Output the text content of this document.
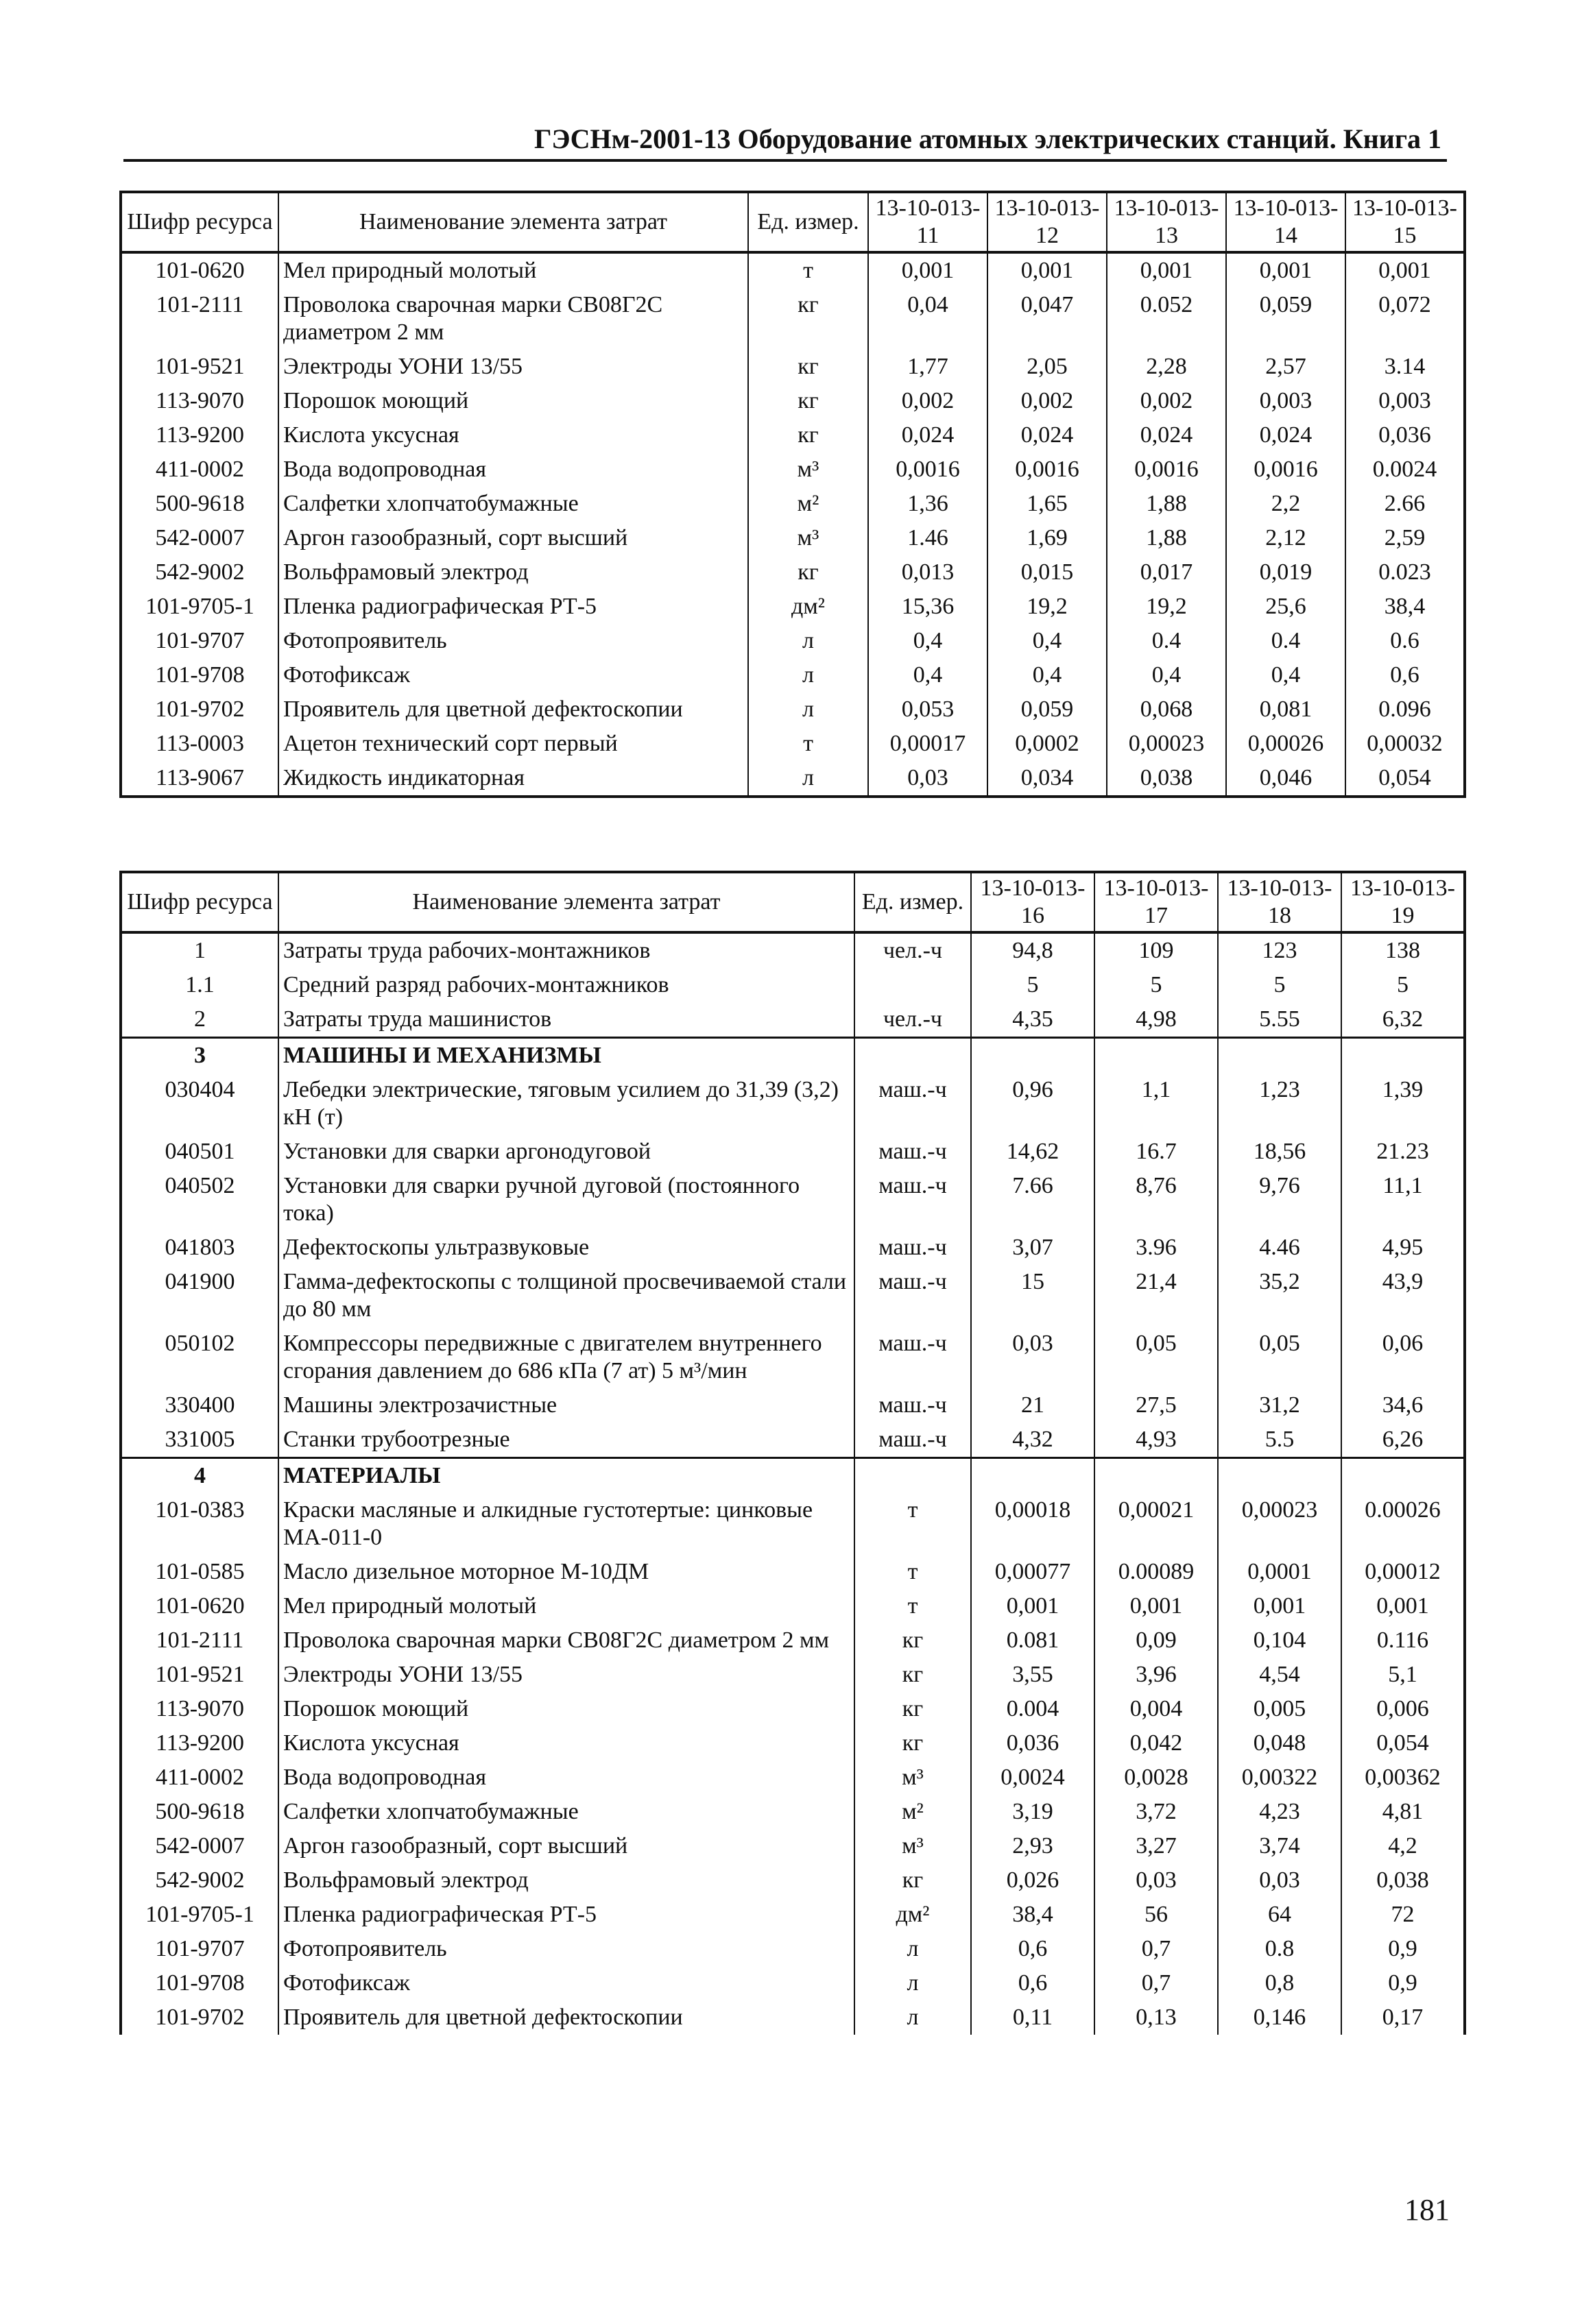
ГЭСНм-2001-13 Оборудование атомных электрических станций. Книга 1
Шифр ресурса	Наименование элемента затрат	Ед. измер.	13-10-013-11	13-10-013-12	13-10-013-13	13-10-013-14	13-10-013-15
101-0620	Мел природный молотый	т	0,001	0,001	0,001	0,001	0,001
101-2111	Проволока сварочная марки СВ08Г2С диаметром 2 мм	кг	0,04	0,047	0.052	0,059	0,072
101-9521	Электроды УОНИ 13/55	кг	1,77	2,05	2,28	2,57	3.14
113-9070	Порошок моющий	кг	0,002	0,002	0,002	0,003	0,003
113-9200	Кислота уксусная	кг	0,024	0,024	0,024	0,024	0,036
411-0002	Вода водопроводная	м³	0,0016	0,0016	0,0016	0,0016	0.0024
500-9618	Салфетки хлопчатобумажные	м²	1,36	1,65	1,88	2,2	2.66
542-0007	Аргон газообразный, сорт высший	м³	1.46	1,69	1,88	2,12	2,59
542-9002	Вольфрамовый электрод	кг	0,013	0,015	0,017	0,019	0.023
101-9705-1	Пленка радиографическая РТ-5	дм²	15,36	19,2	19,2	25,6	38,4
101-9707	Фотопроявитель	л	0,4	0,4	0.4	0.4	0.6
101-9708	Фотофиксаж	л	0,4	0,4	0,4	0,4	0,6
101-9702	Проявитель для цветной дефектоскопии	л	0,053	0,059	0,068	0,081	0.096
113-0003	Ацетон технический сорт первый	т	0,00017	0,0002	0,00023	0,00026	0,00032
113-9067	Жидкость индикаторная	л	0,03	0,034	0,038	0,046	0,054
Шифр ресурса	Наименование элемента затрат	Ед. измер.	13-10-013-16	13-10-013-17	13-10-013-18	13-10-013-19
1	Затраты труда рабочих-монтажников	чел.-ч	94,8	109	123	138
1.1	Средний разряд рабочих-монтажников		5	5	5	5
2	Затраты труда машинистов	чел.-ч	4,35	4,98	5.55	6,32
3	МАШИНЫ И МЕХАНИЗМЫ					
030404	Лебедки электрические, тяговым усилием до 31,39 (3,2) кН (т)	маш.-ч	0,96	1,1	1,23	1,39
040501	Установки для сварки аргонодуговой	маш.-ч	14,62	16.7	18,56	21.23
040502	Установки для сварки ручной дуговой (постоянного тока)	маш.-ч	7.66	8,76	9,76	11,1
041803	Дефектоскопы ультразвуковые	маш.-ч	3,07	3.96	4.46	4,95
041900	Гамма-дефектоскопы с толщиной просвечиваемой стали до 80 мм	маш.-ч	15	21,4	35,2	43,9
050102	Компрессоры передвижные с двигателем внутреннего сгорания давлением до 686 кПа (7 ат) 5 м³/мин	маш.-ч	0,03	0,05	0,05	0,06
330400	Машины электрозачистные	маш.-ч	21	27,5	31,2	34,6
331005	Станки трубоотрезные	маш.-ч	4,32	4,93	5.5	6,26
4	МАТЕРИАЛЫ					
101-0383	Краски масляные и алкидные густотертые: цинковые МА-011-0	т	0,00018	0,00021	0,00023	0.00026
101-0585	Масло дизельное моторное М-10ДМ	т	0,00077	0.00089	0,0001	0,00012
101-0620	Мел природный молотый	т	0,001	0,001	0,001	0,001
101-2111	Проволока сварочная марки СВ08Г2С диаметром 2 мм	кг	0.081	0,09	0,104	0.116
101-9521	Электроды УОНИ 13/55	кг	3,55	3,96	4,54	5,1
113-9070	Порошок моющий	кг	0.004	0,004	0,005	0,006
113-9200	Кислота уксусная	кг	0,036	0,042	0,048	0,054
411-0002	Вода водопроводная	м³	0,0024	0,0028	0,00322	0,00362
500-9618	Салфетки хлопчатобумажные	м²	3,19	3,72	4,23	4,81
542-0007	Аргон газообразный, сорт высший	м³	2,93	3,27	3,74	4,2
542-9002	Вольфрамовый электрод	кг	0,026	0,03	0,03	0,038
101-9705-1	Пленка радиографическая РТ-5	дм²	38,4	56	64	72
101-9707	Фотопроявитель	л	0,6	0,7	0.8	0,9
101-9708	Фотофиксаж	л	0,6	0,7	0,8	0,9
101-9702	Проявитель для цветной дефектоскопии	л	0,11	0,13	0,146	0,17
181
